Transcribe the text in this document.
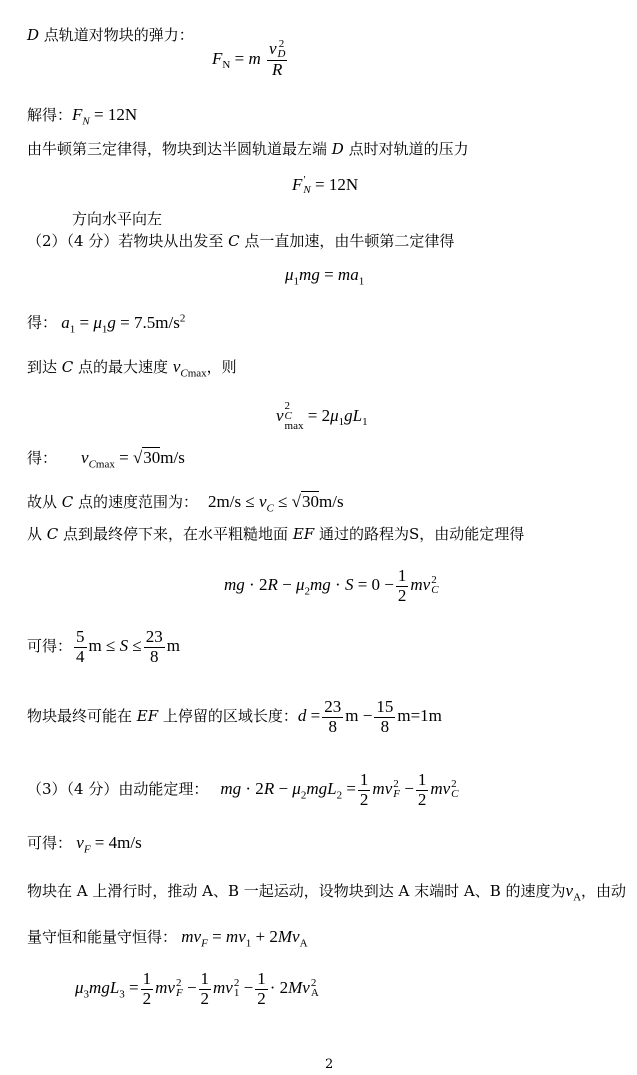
D 点轨道对物块的弹力：
$F_N = m$ v 2
D
R
解得：$F_N = 12N$
由牛顿第三定律得，物块到达半圆轨道最左端 D 点时对轨道的压力
F ′
N = 12N
方向水平向左
（2）（4 分）若物块从出发至 C 点一直加速，由牛顿第二定律得
$\mu_1mg = ma_1$
得： $a_1 = \mu_1g = 7.5m/s^2$
到达 C 点的最大速度 $v_{Cmax}$，则
v 2
C
max
= $2\mu_1gL_1$
得： $v_{Cmax} = √30m/s$
故从 C 点的速度范围为： $2m/s \le v_C \le √30m/s$
从 C 点到最终停下来，在水平粗糙地面 EF 通过的路程为S，由动能定理得
mg · $2R - \mu_2mg \cdot S = 0 - \frac{1}{2}$ mv 2
C
可得： $\frac{5}{4}$ $m \le S \le \frac{23}{8}$ m
物块最终可能在 EF 上停留的区域长度：$d = \frac{23}{8}$ $m - \frac{15}{8} m=1m$
（3）（4 分）由动能定理： mg · $2R - \mu_2mgL_2 = \frac{1}{2}$ mv 2
$F - \frac{1}{2}$ mv 2
C
可得： $v_F = 4m/s$
物块在 A 上滑行时，推动 A、B 一起运动，设物块到达 A 末端时 A、B 的速度为$v_A$，由动
量守恒和能量守恒得： $mv_F = mv_1 + 2Mv_A$
$\mu_3mgL_3 = \frac{1}{2}$ mv 2
$F - \frac{1}{2}$ mv 2
$1 - \frac{1}{2} \cdot 2Mv$ 2
A
2
